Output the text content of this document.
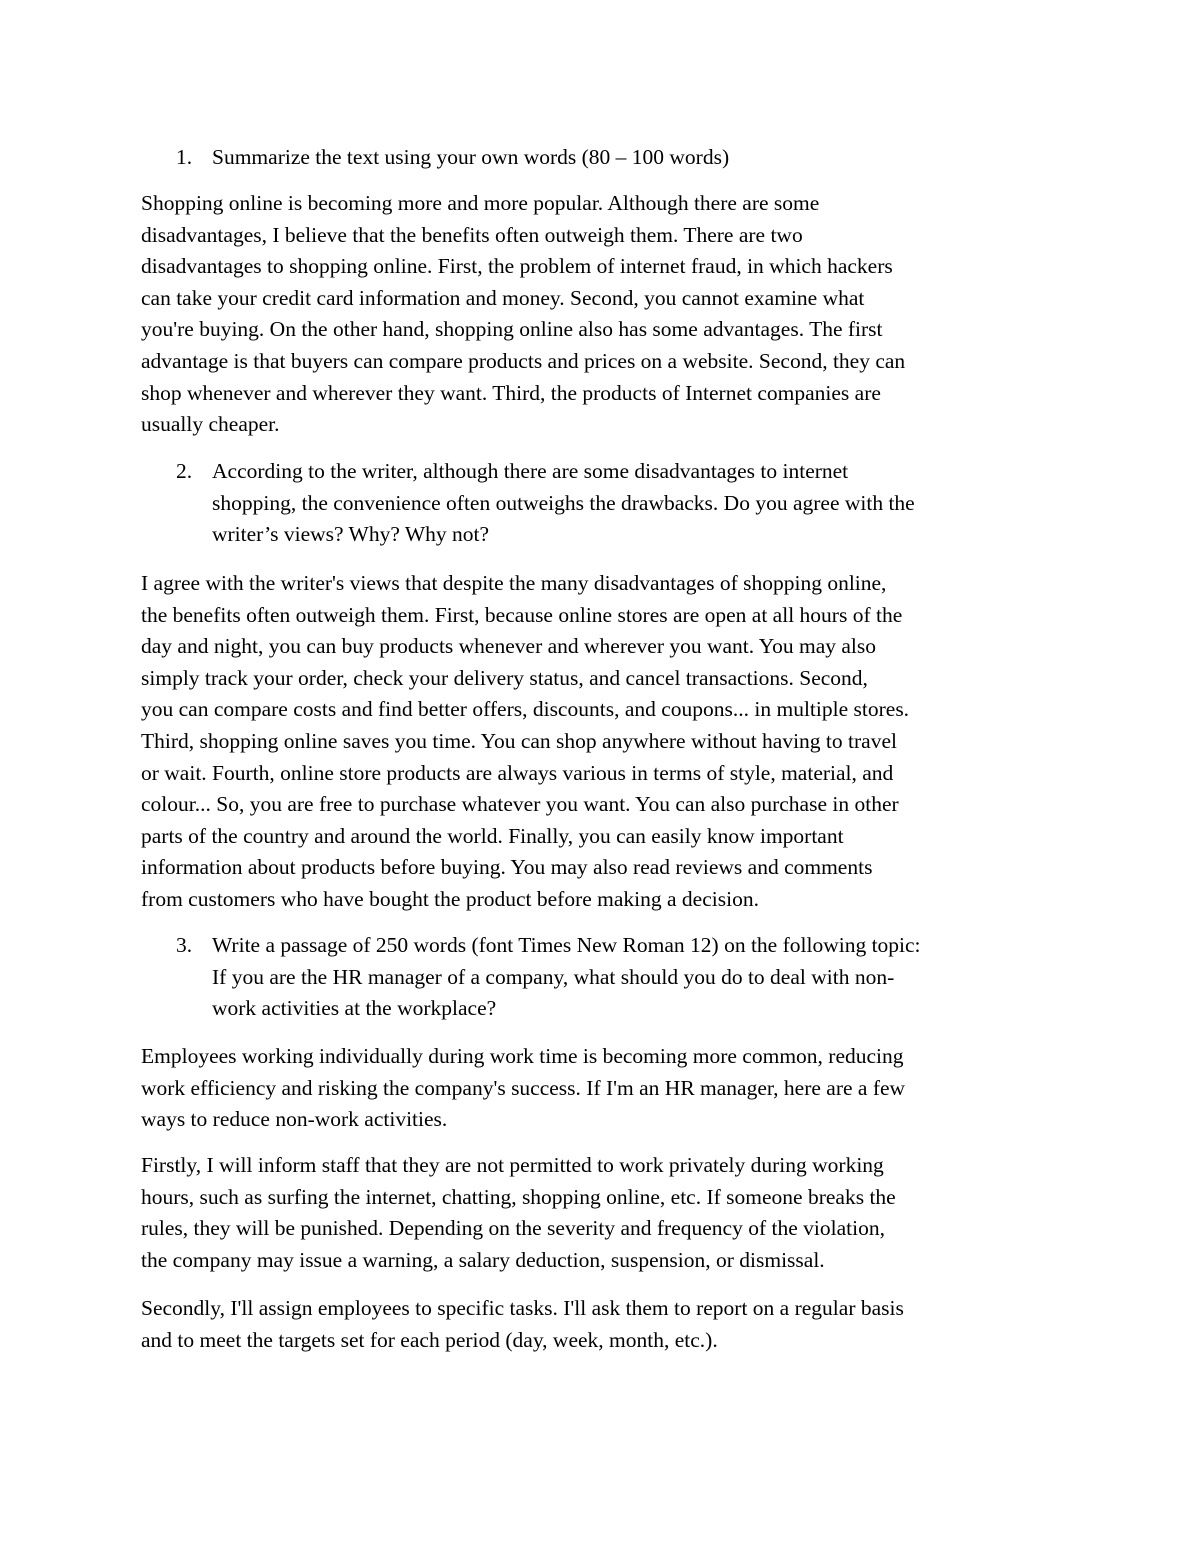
1. Summarize the text using your own words (80 – 100 words)
Shopping online is becoming more and more popular. Although there are some
disadvantages, I believe that the benefits often outweigh them. There are two
disadvantages to shopping online. First, the problem of internet fraud, in which hackers
can take your credit card information and money. Second, you cannot examine what
you're buying. On the other hand, shopping online also has some advantages. The first
advantage is that buyers can compare products and prices on a website. Second, they can
shop whenever and wherever they want. Third, the products of Internet companies are
usually cheaper.
2. According to the writer, although there are some disadvantages to internet
shopping, the convenience often outweighs the drawbacks. Do you agree with the
writer’s views? Why? Why not?
I agree with the writer's views that despite the many disadvantages of shopping online,
the benefits often outweigh them. First, because online stores are open at all hours of the
day and night, you can buy products whenever and wherever you want. You may also
simply track your order, check your delivery status, and cancel transactions. Second,
you can compare costs and find better offers, discounts, and coupons... in multiple stores.
Third, shopping online saves you time. You can shop anywhere without having to travel
or wait. Fourth, online store products are always various in terms of style, material, and
colour... So, you are free to purchase whatever you want. You can also purchase in other
parts of the country and around the world. Finally, you can easily know important
information about products before buying. You may also read reviews and comments
from customers who have bought the product before making a decision.
3. Write a passage of 250 words (font Times New Roman 12) on the following topic:
If you are the HR manager of a company, what should you do to deal with non-
work activities at the workplace?
Employees working individually during work time is becoming more common, reducing
work efficiency and risking the company's success. If I'm an HR manager, here are a few
ways to reduce non-work activities.
Firstly, I will inform staff that they are not permitted to work privately during working
hours, such as surfing the internet, chatting, shopping online, etc. If someone breaks the
rules, they will be punished. Depending on the severity and frequency of the violation,
the company may issue a warning, a salary deduction, suspension, or dismissal.
Secondly, I'll assign employees to specific tasks. I'll ask them to report on a regular basis
and to meet the targets set for each period (day, week, month, etc.).
